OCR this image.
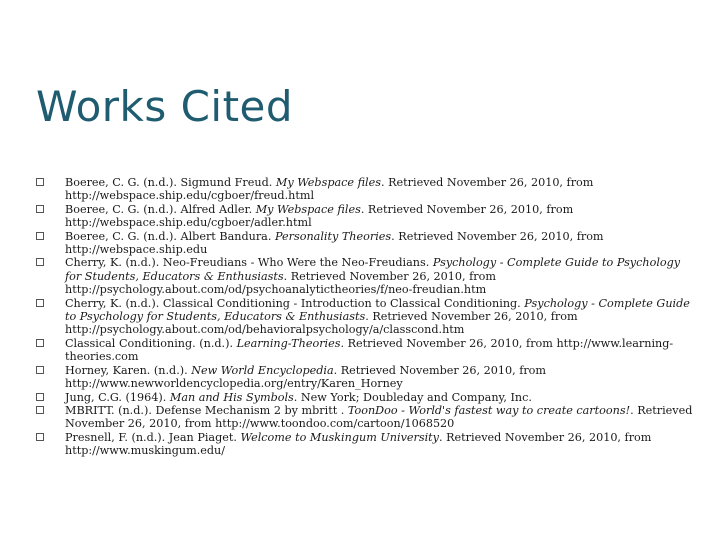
Works Cited
Boeree, C. G. (n.d.). Sigmund Freud. My Webspace files. Retrieved November 26, 2010, from http://webspace.ship.edu/cgboer/freud.html
Boeree, C. G. (n.d.). Alfred Adler. My Webspace files. Retrieved November 26, 2010, from http://webspace.ship.edu/cgboer/adler.html
Boeree, C. G. (n.d.). Albert Bandura. Personality Theories. Retrieved November 26, 2010, from http://webspace.ship.edu
Cherry, K. (n.d.). Neo-Freudians - Who Were the Neo-Freudians. Psychology - Complete Guide to Psychology for Students, Educators & Enthusiasts. Retrieved November 26, 2010, from http://psychology.about.com/od/psychoanalytictheories/f/neo-freudian.htm
Cherry, K. (n.d.). Classical Conditioning - Introduction to Classical Conditioning. Psychology - Complete Guide to Psychology for Students, Educators & Enthusiasts. Retrieved November 26, 2010, from http://psychology.about.com/od/behavioralpsychology/a/classcond.htm
Classical Conditioning. (n.d.). Learning-Theories. Retrieved November 26, 2010, from http://www.learning-theories.com
Horney, Karen. (n.d.). New World Encyclopedia. Retrieved November 26, 2010, from http://www.newworldencyclopedia.org/entry/Karen_Horney
Jung, C.G. (1964). Man and His Symbols. New York; Doubleday and Company, Inc.
MBRITT. (n.d.). Defense Mechanism 2 by mbritt . ToonDoo - World's fastest way to create cartoons!. Retrieved November 26, 2010, from http://www.toondoo.com/cartoon/1068520
Presnell, F. (n.d.). Jean Piaget. Welcome to Muskingum University. Retrieved November 26, 2010, from http://www.muskingum.edu/
